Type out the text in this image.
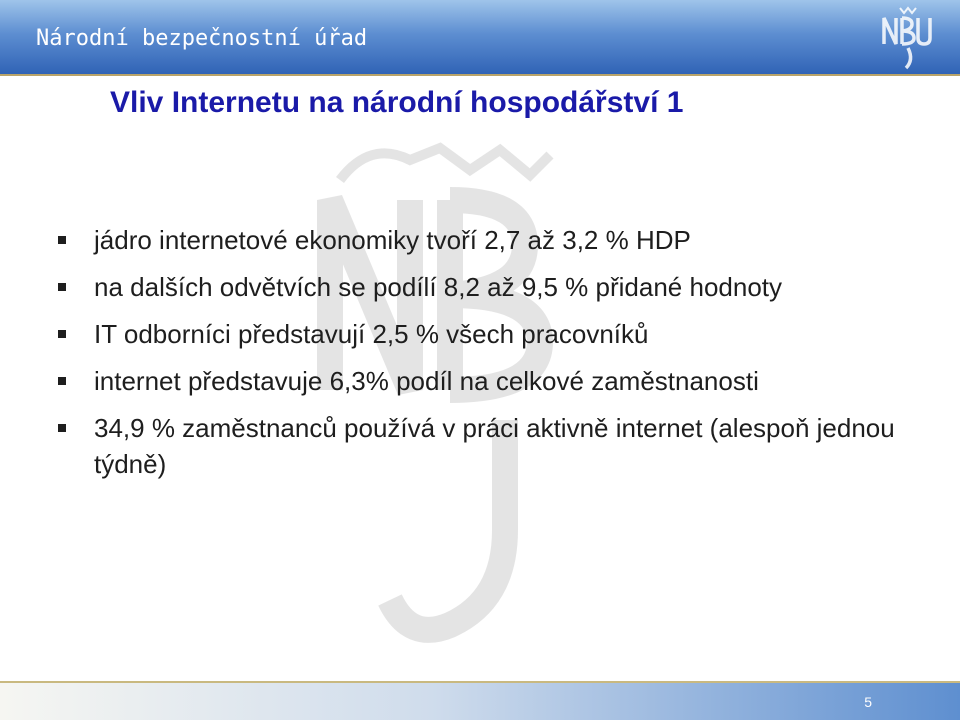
Národní bezpečnostní úřad

Vliv Internetu na národní hospodářství 1
jádro internetové ekonomiky tvoří 2,7 až 3,2 % HDP
na dalších odvětvích se podílí 8,2 až 9,5 % přidané hodnoty
IT odborníci představují 2,5 % všech pracovníků
internet představuje 6,3% podíl na celkové zaměstnanosti
34,9 % zaměstnanců používá v práci aktivně internet (alespoň jednou týdně)

5
